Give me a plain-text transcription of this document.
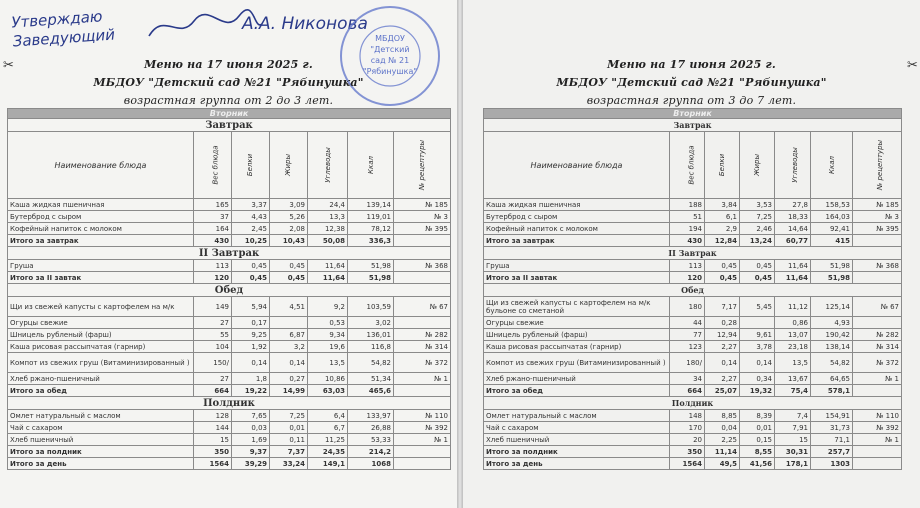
Утверждаю
Заведующий
А.А. Никонова
МБДОУ
"Детский
сад № 21
"Рябинушка"
✂	Меню на 17 июня 2025 г.
МБДОУ "Детский сад №21 "Рябинушка"
возрастная группа от 2 до 3 лет.
✂
Меню на 17 июня 2025 г.
МБДОУ "Детский сад №21 "Рябинушка"
возрастная группа от 3 до 7 лет.
Вторник						
Завтрак						
Наименование блюда	Вес блюда	Белки	Жиры	Углеводы	Ккал	№ рецептуры
Каша жидкая пшеничная	165	3,37	3,09	24,4	139,14	№ 185
Бутерброд с сыром	37	4,43	5,26	13,3	119,01	№ 3
Кофейный напиток с молоком	164	2,45	2,08	12,38	78,12	№ 395
Итого за завтрак	430	10,25	10,43	50,08	336,3	
II Завтрак						
Груша	113	0,45	0,45	11,64	51,98	№ 368
Итого за II завтак	120	0,45	0,45	11,64	51,98	
Обед						
Щи из свежей капусты с картофелем на м/к	149	5,94	4,51	9,2	103,59	№ 67
Огурцы свежие	27	0,17		0,53	3,02	
Шницель рубленый (фарш)	55	9,25	6,87	9,34	136,01	№ 282
Каша рисовая рассыпчатая (гарнир)	104	1,92	3,2	19,6	116,8	№ 314
Компот из свежих груш (Витаминизированный )	150/	0,14	0,14	13,5	54,82	№ 372
Хлеб ржано-пшеничный	27	1,8	0,27	10,86	51,34	№ 1
Итого за обед	664	19,22	14,99	63,03	465,6	
Полдник						
Омлет натуральный с маслом	128	7,65	7,25	6,4	133,97	№ 110
Чай с сахаром	144	0,03	0,01	6,7	26,88	№ 392
Хлеб пшеничный	15	1,69	0,11	11,25	53,33	№ 1
Итого за полдник	350	9,37	7,37	24,35	214,2	
Итого за день	1564	39,29	33,24	149,1	1068	
Вторник						
Завтрак						
Наименование блюда	Вес блюда	Белки	Жиры	Углеводы	Ккал	№ рецептуры
Каша жидкая пшеничная	188	3,84	3,53	27,8	158,53	№ 185
Бутерброд с сыром	51	6,1	7,25	18,33	164,03	№ 3
Кофейный напиток с молоком	194	2,9	2,46	14,64	92,41	№ 395
Итого за завтрак	430	12,84	13,24	60,77	415	
II Завтрак						
Груша	113	0,45	0,45	11,64	51,98	№ 368
Итого за II завтак	120	0,45	0,45	11,64	51,98	
Обед						
Щи из свежей капусты с картофелем на м/к бульоне со сметаной	180	7,17	5,45	11,12	125,14	№ 67
Огурцы свежие	44	0,28		0,86	4,93	
Шницель рубленый (фарш)	77	12,94	9,61	13,07	190,42	№ 282
Каша рисовая рассыпчатая (гарнир)	123	2,27	3,78	23,18	138,14	№ 314
Компот из свежих груш (Витаминизированный )	180/	0,14	0,14	13,5	54,82	№ 372
Хлеб ржано-пшеничный	34	2,27	0,34	13,67	64,65	№ 1
Итого за обед	664	25,07	19,32	75,4	578,1	
Полдник						
Омлет натуральный с маслом	148	8,85	8,39	7,4	154,91	№ 110
Чай с сахаром	170	0,04	0,01	7,91	31,73	№ 392
Хлеб пшеничный	20	2,25	0,15	15	71,1	№ 1
Итого за полдник	350	11,14	8,55	30,31	257,7	
Итого за день	1564	49,5	41,56	178,1	1303	
